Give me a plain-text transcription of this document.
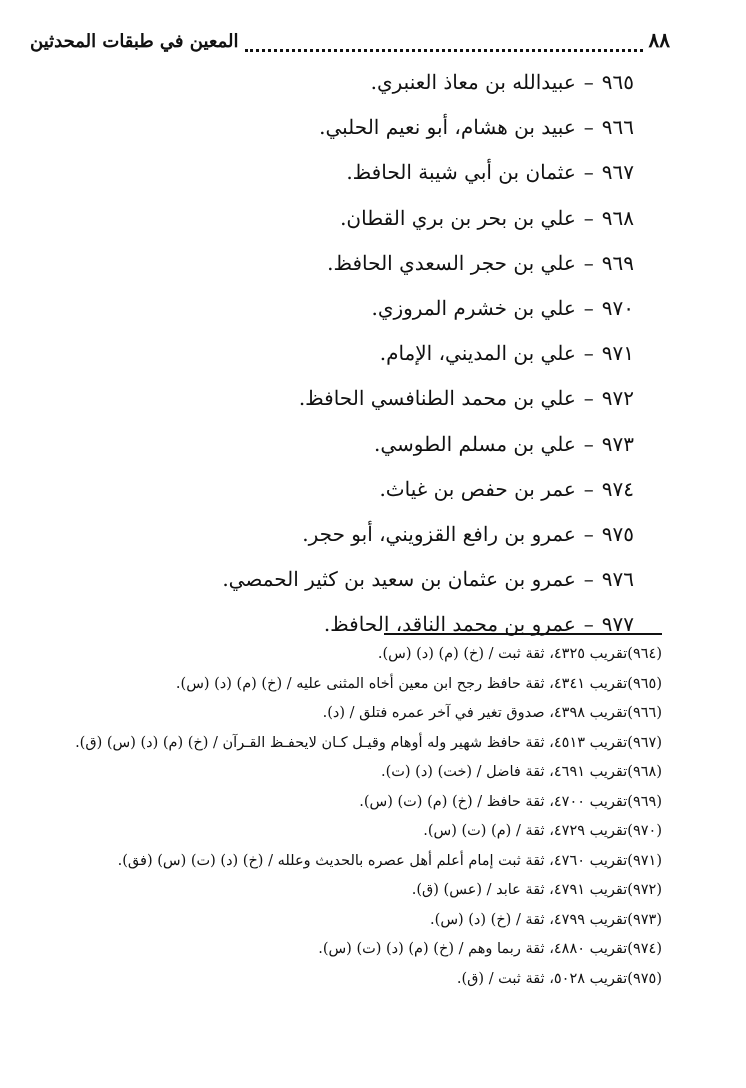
٨٨
المعين في طبقات المحدثين
٩٦٥–عبيدالله بن معاذ العنبري.
٩٦٦–عبيد بن هشام، أبو نعيم الحلبي.
٩٦٧–عثمان بن أبي شيبة الحافظ.
٩٦٨–علي بن بحر بن بري القطان.
٩٦٩–علي بن حجر السعدي الحافظ.
٩٧٠–علي بن خشرم المروزي.
٩٧١–علي بن المديني، الإمام.
٩٧٢–علي بن محمد الطنافسي الحافظ.
٩٧٣–علي بن مسلم الطوسي.
٩٧٤–عمر بن حفص بن غياث.
٩٧٥–عمرو بن رافع القزويني، أبو حجر.
٩٧٦–عمرو بن عثمان بن سعيد بن كثير الحمصي.
٩٧٧–عمرو بن محمد الناقد، الحافظ.
(٩٦٤)تقريب ٤٣٢٥، ثقة ثبت / (خ) (م) (د) (س).
(٩٦٥)تقريب ٤٣٤١، ثقة حافظ رجح ابن معين أخاه المثنى عليه / (خ) (م) (د) (س).
(٩٦٦)تقريب ٤٣٩٨، صدوق تغير في آخر عمره فتلق / (د).
(٩٦٧)تقريب ٤٥١٣، ثقة حافظ شهير وله أوهام وقيـل كـان لايحفـظ القـرآن / (خ) (م) (د) (س) (ق).
(٩٦٨)تقريب ٤٦٩١، ثقة فاضل / (خت) (د) (ت).
(٩٦٩)تقريب ٤٧٠٠، ثقة حافظ / (خ) (م) (ت) (س).
(٩٧٠)تقريب ٤٧٢٩، ثقة / (م) (ت) (س).
(٩٧١)تقريب ٤٧٦٠، ثقة ثبت إمام أعلم أهل عصره بالحديث وعلله / (خ) (د) (ت) (س) (فق).
(٩٧٢)تقريب ٤٧٩١، ثقة عابد / (عس) (ق).
(٩٧٣)تقريب ٤٧٩٩، ثقة / (خ) (د) (س).
(٩٧٤)تقريب ٤٨٨٠، ثقة ربما وهم / (خ) (م) (د) (ت) (س).
(٩٧٥)تقريب ٥٠٢٨، ثقة ثبت / (ق).
